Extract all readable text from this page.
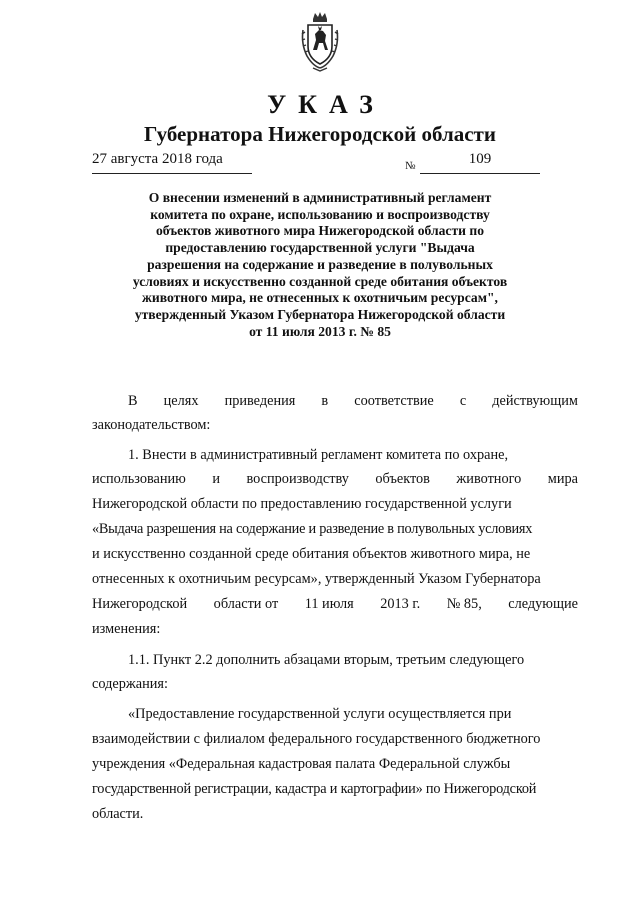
УКАЗ
Губернатора Нижегородской области
27 августа 2018 года	№	109
О внесении изменений в административный регламент
комитета по охране, использованию и воспроизводству
объектов животного мира Нижегородской области по
предоставлению государственной услуги "Выдача
разрешения на содержание и разведение в полувольных
условиях и искусственно созданной среде обитания объектов
животного мира, не отнесенных к охотничьим ресурсам",
утвержденный Указом Губернатора Нижегородской области
от 11 июля 2013 г. № 85
В целях приведения в соответствие с действующим
законодательством:
1. Внести в административный регламент комитета по охране,
использованию и воспроизводству объектов животного мира
Нижегородской области по предоставлению государственной услуги
«Выдача разрешения на содержание и разведение в полувольных условиях
и искусственно созданной среде обитания объектов животного мира, не
отнесенных к охотничьим ресурсам», утвержденный Указом Губернатора
Нижегородской области от 11 июля 2013 г. № 85, следующие
изменения:
1.1. Пункт 2.2 дополнить абзацами вторым, третьим следующего
содержания:
«Предоставление государственной услуги осуществляется при
взаимодействии с филиалом федерального государственного бюджетного
учреждения «Федеральная кадастровая палата Федеральной службы
государственной регистрации, кадастра и картографии» по Нижегородской
области.
